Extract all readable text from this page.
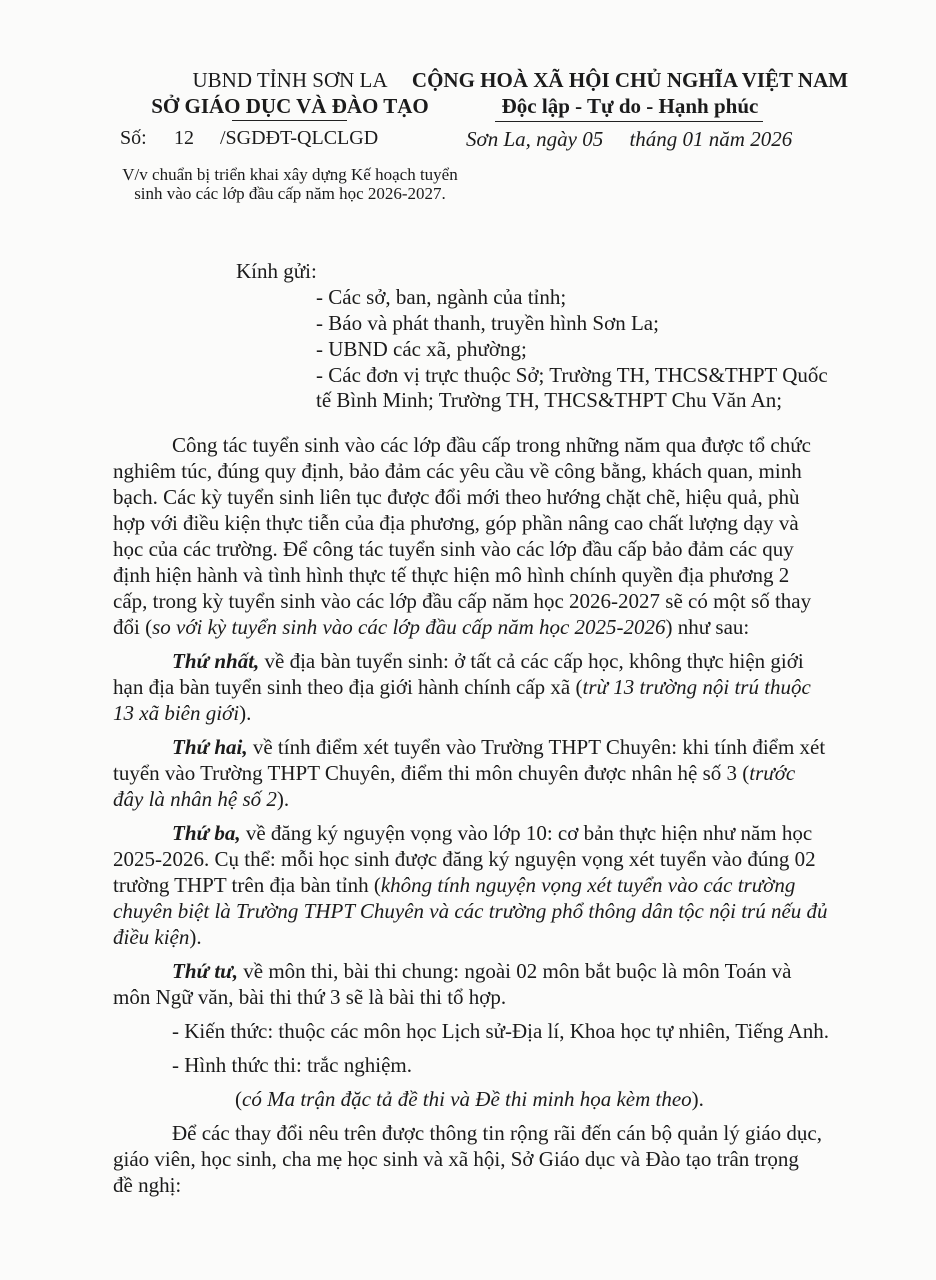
UBND TỈNH SƠN LA
SỞ GIÁO DỤC VÀ ĐÀO TẠO
CỘNG HOÀ XÃ HỘI CHỦ NGHĨA VIỆT NAM
Độc lập - Tự do - Hạnh phúc
Số: 12 /SGDĐT-QLCLGD	Sơn La, ngày 05 tháng 01 năm 2026
V/v chuẩn bị triển khai xây dựng Kế hoạch tuyển sinh vào các lớp đầu cấp năm học 2026-2027.
Kính gửi:
- Các sở, ban, ngành của tỉnh;
- Báo và phát thanh, truyền hình Sơn La;
- UBND các xã, phường;
- Các đơn vị trực thuộc Sở; Trường TH, THCS&THPT Quốc
tế Bình Minh; Trường TH, THCS&THPT Chu Văn An;
Công tác tuyển sinh vào các lớp đầu cấp trong những năm qua được tổ chức
nghiêm túc, đúng quy định, bảo đảm các yêu cầu về công bằng, khách quan, minh
bạch. Các kỳ tuyển sinh liên tục được đổi mới theo hướng chặt chẽ, hiệu quả, phù
hợp với điều kiện thực tiễn của địa phương, góp phần nâng cao chất lượng dạy và
học của các trường. Để công tác tuyển sinh vào các lớp đầu cấp bảo đảm các quy
định hiện hành và tình hình thực tế thực hiện mô hình chính quyền địa phương 2
cấp, trong kỳ tuyển sinh vào các lớp đầu cấp năm học 2026-2027 sẽ có một số thay
đổi (so với kỳ tuyển sinh vào các lớp đầu cấp năm học 2025-2026) như sau:
Thứ nhất, về địa bàn tuyển sinh: ở tất cả các cấp học, không thực hiện giới
hạn địa bàn tuyển sinh theo địa giới hành chính cấp xã (trừ 13 trường nội trú thuộc
13 xã biên giới).
Thứ hai, về tính điểm xét tuyển vào Trường THPT Chuyên: khi tính điểm xét
tuyển vào Trường THPT Chuyên, điểm thi môn chuyên được nhân hệ số 3 (trước
đây là nhân hệ số 2).
Thứ ba, về đăng ký nguyện vọng vào lớp 10: cơ bản thực hiện như năm học
2025-2026. Cụ thể: mỗi học sinh được đăng ký nguyện vọng xét tuyển vào đúng 02
trường THPT trên địa bàn tỉnh (không tính nguyện vọng xét tuyển vào các trường
chuyên biệt là Trường THPT Chuyên và các trường phổ thông dân tộc nội trú nếu đủ
điều kiện).
Thứ tư, về môn thi, bài thi chung: ngoài 02 môn bắt buộc là môn Toán và
môn Ngữ văn, bài thi thứ 3 sẽ là bài thi tổ hợp.
- Kiến thức: thuộc các môn học Lịch sử-Địa lí, Khoa học tự nhiên, Tiếng Anh.
- Hình thức thi: trắc nghiệm.
(có Ma trận đặc tả đề thi và Đề thi minh họa kèm theo).
Để các thay đổi nêu trên được thông tin rộng rãi đến cán bộ quản lý giáo dục,
giáo viên, học sinh, cha mẹ học sinh và xã hội, Sở Giáo dục và Đào tạo trân trọng
đề nghị:
